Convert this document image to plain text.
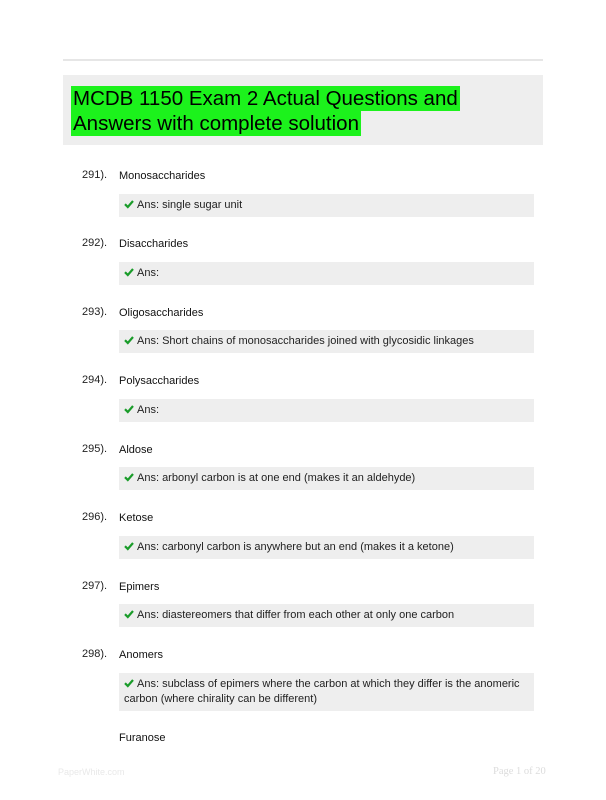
MCDB 1150 Exam 2 Actual Questions and
Answers with complete solution
291). Monosaccharides
Ans: single sugar unit
292). Disaccharides
Ans:
293). Oligosaccharides
Ans: Short chains of monosaccharides joined with glycosidic linkages
294). Polysaccharides
Ans:
295). Aldose
Ans: arbonyl carbon is at one end (makes it an aldehyde)
296). Ketose
Ans: carbonyl carbon is anywhere but an end (makes it a ketone)
297). Epimers
Ans: diastereomers that differ from each other at only one carbon
298). Anomers
Ans: subclass of epimers where the carbon at which they differ is the anomeric carbon (where chirality can be different)
Furanose
PaperWhite.com	Page 1 of 20
